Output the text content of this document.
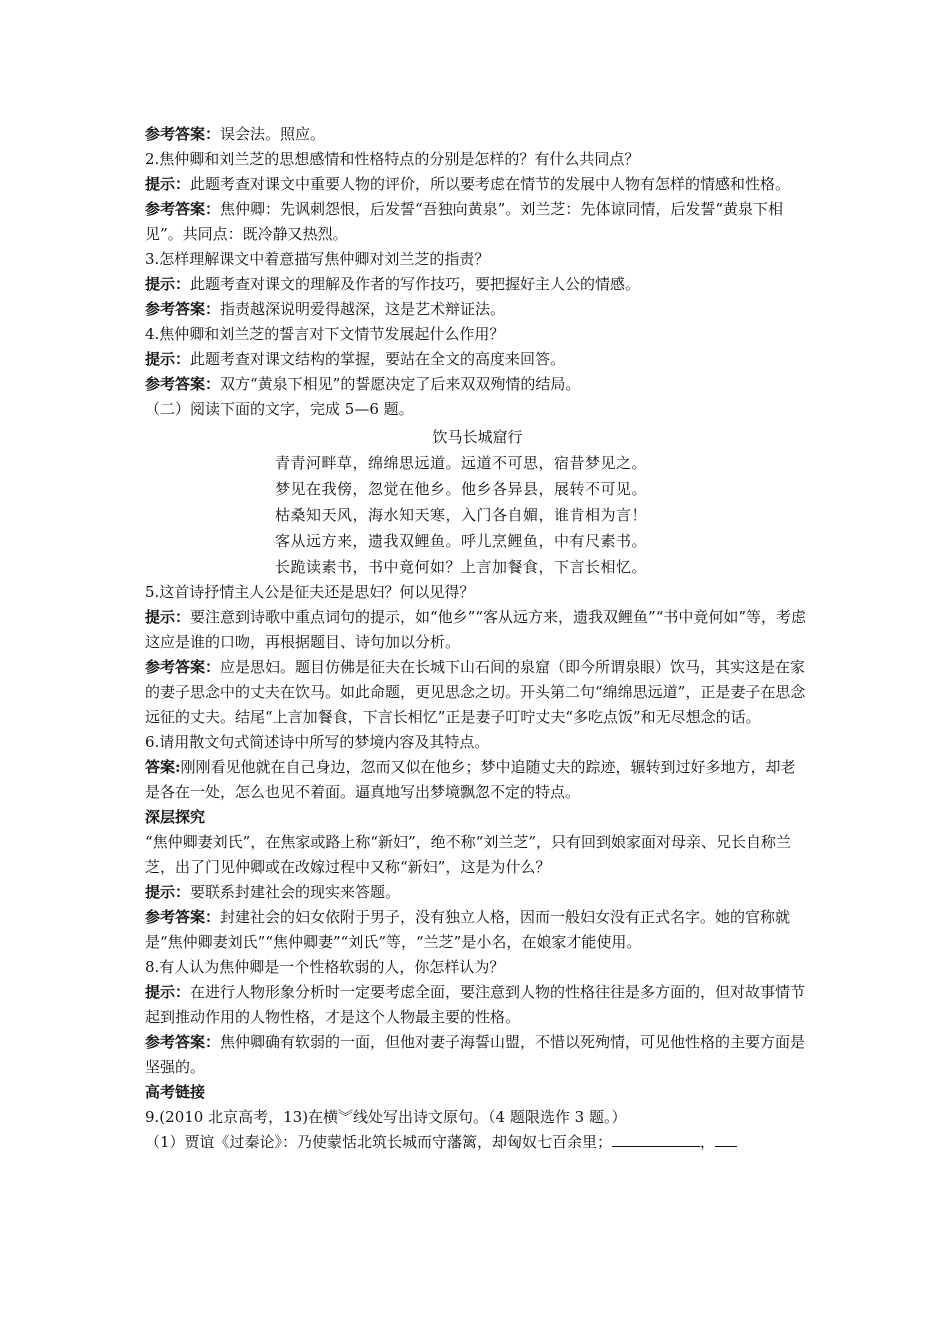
参考答案：误会法。照应。
2.焦仲卿和刘兰芝的思想感情和性格特点的分别是怎样的？有什么共同点？
提示：此题考查对课文中重要人物的评价，所以要考虑在情节的发展中人物有怎样的情感和性格。
参考答案：焦仲卿：先讽刺怨恨，后发誓“吾独向黄泉”。刘兰芝：先体谅同情，后发誓“黄泉下相见”。共同点：既冷静又热烈。
3.怎样理解课文中着意描写焦仲卿对刘兰芝的指责？
提示：此题考查对课文的理解及作者的写作技巧，要把握好主人公的情感。
参考答案：指责越深说明爱得越深，这是艺术辩证法。
4.焦仲卿和刘兰芝的誓言对下文情节发展起什么作用？
提示：此题考查对课文结构的掌握，要站在全文的高度来回答。
参考答案：双方“黄泉下相见”的誓愿决定了后来双双殉情的结局。
（二）阅读下面的文字，完成 5—6 题。
饮马长城窟行
青青河畔草，绵绵思远道。远道不可思，宿昔梦见之。
梦见在我傍，忽觉在他乡。他乡各异县，展转不可见。
枯桑知天风，海水知天寒，入门各自媚，谁肯相为言！
客从远方来，遗我双鲤鱼。呼儿烹鲤鱼，中有尺素书。
长跪读素书，书中竟何如？上言加餐食，下言长相忆。
5.这首诗抒情主人公是征夫还是思妇？何以见得？
提示：要注意到诗歌中重点词句的提示，如“他乡”“客从远方来，遗我双鲤鱼”“书中竟何如”等，考虑这应是谁的口吻，再根据题目、诗句加以分析。
参考答案：应是思妇。题目仿佛是征夫在长城下山石间的泉窟（即今所谓泉眼）饮马，其实这是在家的妻子思念中的丈夫在饮马。如此命题，更见思念之切。开头第二句“绵绵思远道”，正是妻子在思念远征的丈夫。结尾“上言加餐食，下言长相忆”正是妻子叮咛丈夫“多吃点饭”和无尽想念的话。
6.请用散文句式简述诗中所写的梦境内容及其特点。
答案:刚刚看见他就在自己身边，忽而又似在他乡；梦中追随丈夫的踪迹，辗转到过好多地方，却老是各在一处，怎么也见不着面。逼真地写出梦境飘忽不定的特点。
深层探究
“焦仲卿妻刘氏”，在焦家或路上称“新妇”，绝不称“刘兰芝”，只有回到娘家面对母亲、兄长自称兰芝，出了门见仲卿或在改嫁过程中又称“新妇”，这是为什么？
提示：要联系封建社会的现实来答题。
参考答案：封建社会的妇女依附于男子，没有独立人格，因而一般妇女没有正式名字。她的官称就是“焦仲卿妻刘氏”“焦仲卿妻”“刘氏”等，“兰芝”是小名，在娘家才能使用。
8.有人认为焦仲卿是一个性格软弱的人，你怎样认为？
提示：在进行人物形象分析时一定要考虑全面，要注意到人物的性格往往是多方面的，但对故事情节起到推动作用的人物性格，才是这个人物最主要的性格。
参考答案：焦仲卿确有软弱的一面，但他对妻子海誓山盟，不惜以死殉情，可见他性格的主要方面是坚强的。
高考链接
9.(2010 北京高考，13)在横︾线处写出诗文原句。（4 题限选作 3 题。）
（1）贾谊《过秦论》：乃使蒙恬北筑长城而守藩篱，却匈奴七百余里；	，
